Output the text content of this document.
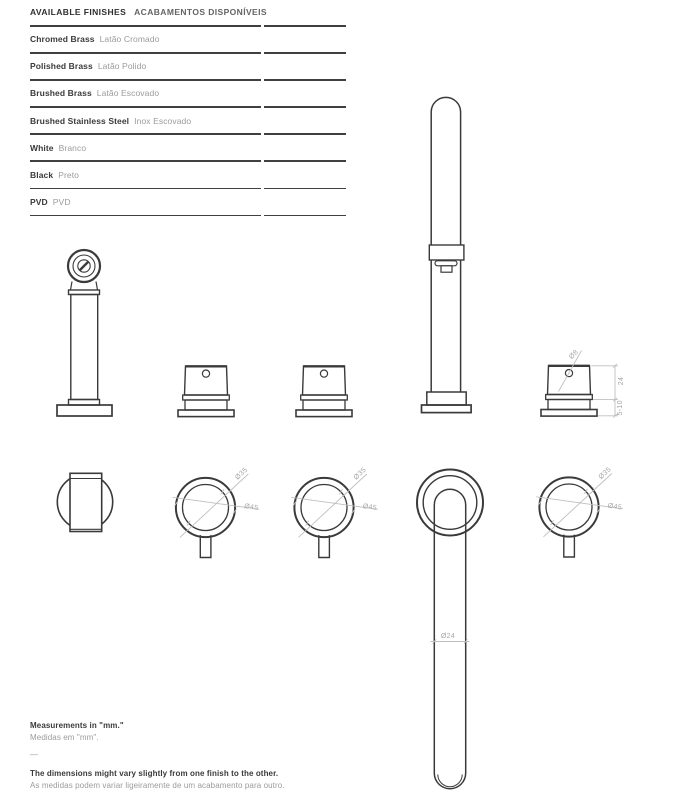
AVAILABLE FINISHES ACABAMENTOS DISPONÍVEIS
Chromed Brass Latão Cromado
Polished Brass Latão Polido
Brushed Brass Latão Escovado
Brushed Stainless Steel Inox Escovado
White Branco
Black Preto
PVD PVD
Ø8
24
5-10
Ø35
Ø45
Ø35
Ø45
Ø24
Ø35
Ø45
Measurements in "mm."
Medidas em "mm".
—
The dimensions might vary slightly from one finish to the other.
As medidas podem variar ligeiramente de um acabamento para outro.
